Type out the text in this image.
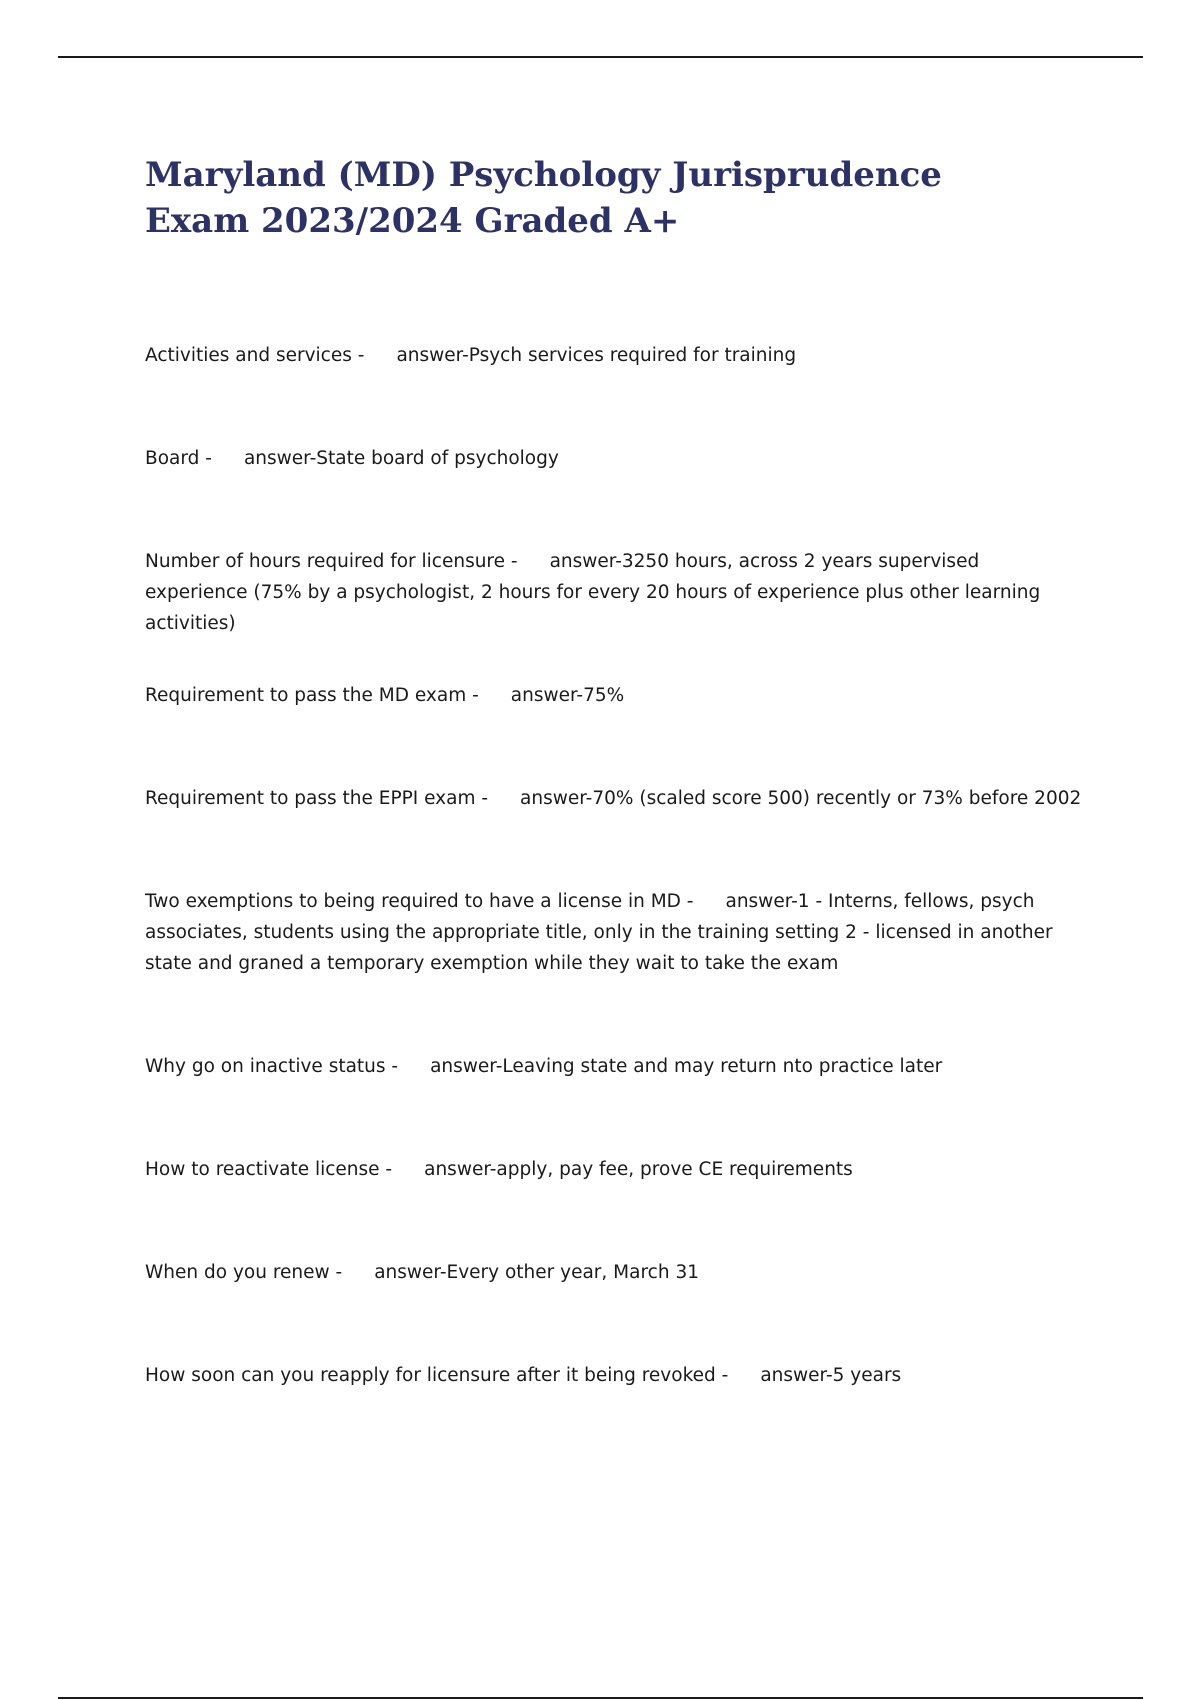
Maryland (MD) Psychology Jurisprudence Exam 2023/2024 Graded A+
Activities and services - answer-Psych services required for training
Board - answer-State board of psychology
Number of hours required for licensure - answer-3250 hours, across 2 years supervised experience (75% by a psychologist, 2 hours for every 20 hours of experience plus other learning activities)
Requirement to pass the MD exam - answer-75%
Requirement to pass the EPPI exam - answer-70% (scaled score 500) recently or 73% before 2002
Two exemptions to being required to have a license in MD - answer-1 - Interns, fellows, psych associates, students using the appropriate title, only in the training setting 2 - licensed in another state and graned a temporary exemption while they wait to take the exam
Why go on inactive status - answer-Leaving state and may return nto practice later
How to reactivate license - answer-apply, pay fee, prove CE requirements
When do you renew - answer-Every other year, March 31
How soon can you reapply for licensure after it being revoked - answer-5 years
